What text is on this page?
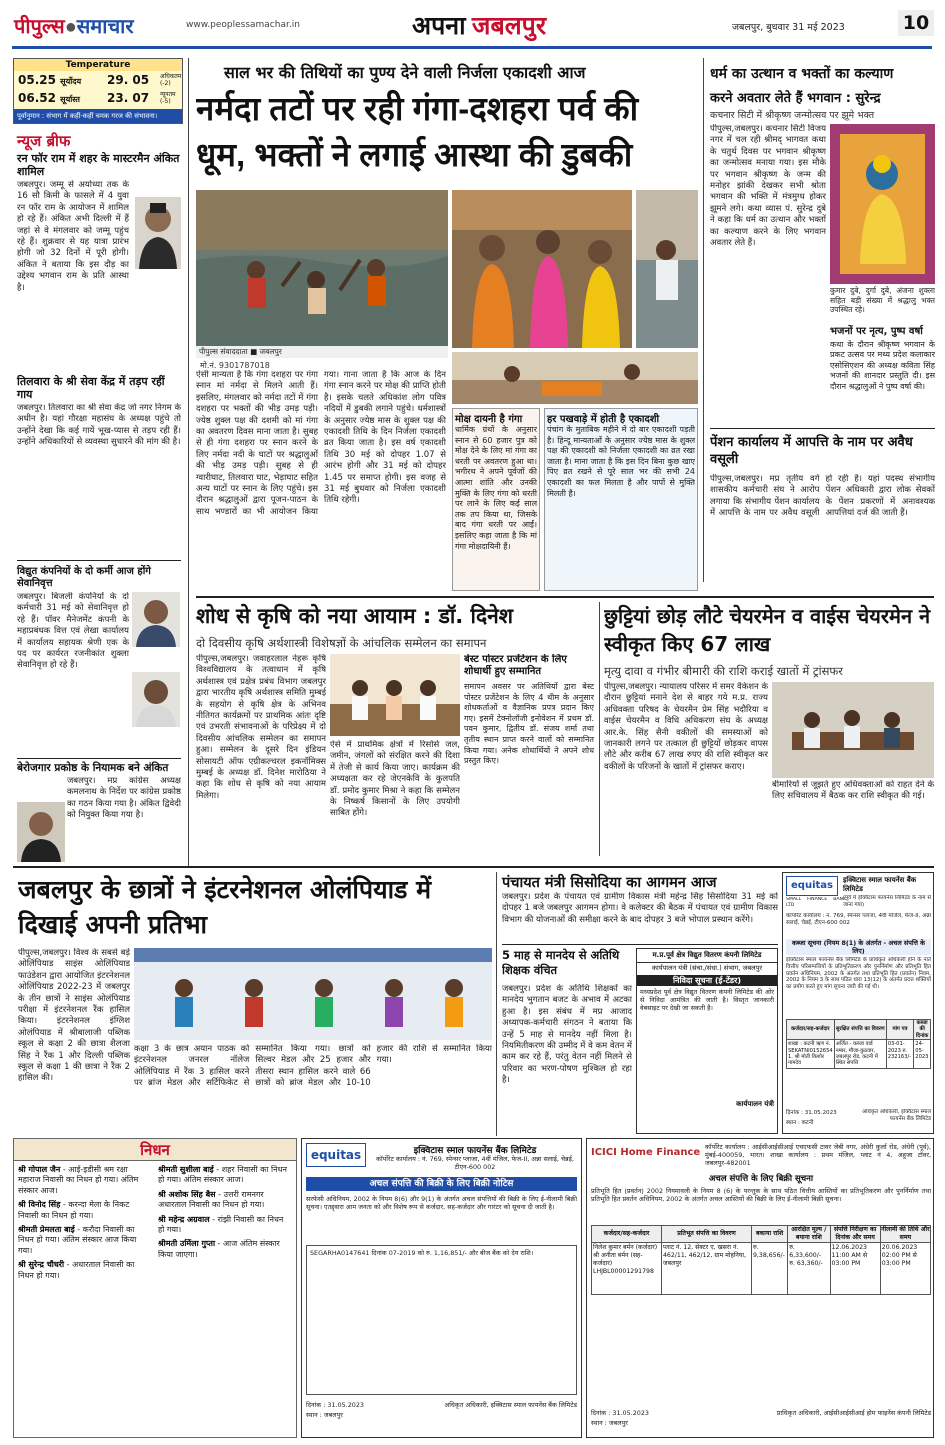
पीपुल्स●समाचार	www.peoplessamachar.in	अपना जबलपुर	जबलपुर, बुधवार 31 मई 2023	10
Temperature
05.25 सूर्योदय 29. 05 अधिकतम
(-2)
06.52 सूर्यास्त 23. 07 न्यूनतम
(-5)
पूर्वानुमान : संभाग में कहीं-कहीं चमक गरज की संभावना।
न्यूज ब्रीफ
रन फॉर राम में शहर के मास्टरमैन अंकित शामिल
जबलपुर। जम्मू से अयोध्या तक के 16 सौ किमी के फासले में 4 युवा रन फॉर राम के आयोजन में शामिल हो रहे हैं। अंकित अभी दिल्ली में हैं जहां से वे मंगलवार को जम्मू पहुंच रहे हैं। शुक्रवार से यह यात्रा प्रारंभ होगी जो 32 दिनों में पूरी होगी। अंकित ने बताया कि इस दौड़ का उद्देश्य भगवान राम के प्रति आस्था है।
तिलवारा के श्री सेवा केंद्र में तड़प रहीं गाय
जबलपुर। तिलवारा का श्री सेवा केंद्र जो नगर निगम के अधीन है। यहां गौरक्षा महासंघ के अध्यक्ष पहुंचे तो उन्होंने देखा कि कई गायें भूख-प्यास से तड़प रही हैं। उन्होंने अधिकारियों से व्यवस्था सुधारने की मांग की है।
विद्युत कंपनियों के दो कर्मी आज होंगे सेवानिवृत्त
जबलपुर। बिजली कंपनियों के दो कर्मचारी 31 मई को सेवानिवृत्त हो रहे हैं। पॉवर मैनेजमेंट कंपनी के महाप्रबंधक वित्त एवं लेखा कार्यालय में कार्यालय सहायक श्रेणी एक के पद पर कार्यरत रजनीकांत शुक्ला सेवानिवृत्त हो रहे हैं।
बेरोजगार प्रकोष्ठ के नियामक बने अंकित
जबलपुर। मप्र कांग्रेस अध्यक्ष कमलनाथ के निर्देश पर कांग्रेस प्रकोष्ठ का गठन किया गया है। अंकित द्विवेदी को नियुक्त किया गया है।
साल भर की तिथियों का पुण्य देने वाली निर्जला एकादशी आज
नर्मदा तटों पर रही गंगा-दशहरा पर्व की धूम, भक्तों ने लगाई आस्था की डुबकी
पीपुल्स संवाददाता ■ जबलपुर
मो.नं. 9301787018
ऐसी मान्यता है कि गंगा दशहरा पर गंगा स्नान मां नर्मदा से मिलने आती हैं। इसलिए, मंगलवार को नर्मदा तटों में गंगा दशहरा पर भक्तों की भीड़ उमड़ पड़ी। ज्येष्ठ शुक्ल पक्ष की दशमी को मां गंगा का अवतरण दिवस माना जाता है। सुबह से ही गंगा दशहरा पर स्नान करने के लिए नर्मदा नदी के घाटों पर श्रद्धालुओं की भीड़ उमड़ पड़ी। सुबह से ही ग्वारीघाट, तिलवारा घाट, भेड़ाघाट सहित अन्य घाटों पर स्नान के लिए पहुंचे। इस दौरान श्रद्धालुओं द्वारा पूजन-पाठन के साथ भण्डारों का भी आयोजन किया गया। गाना जाता है कि आज के दिन गंगा स्नान करने पर मोक्ष की प्राप्ति होती है। इसके चलते अधिकांश लोग पवित्र नदियों में डुबकी लगाने पहुंचे। धर्मशास्त्रों के अनुसार ज्येष्ठ मास के शुक्ल पक्ष की एकादशी तिथि के दिन निर्जला एकादशी व्रत किया जाता है। इस वर्ष एकादशी तिथि 30 मई को दोपहर 1.07 से आरंभ होगी और 31 मई को दोपहर 1.45 पर समाप्त होगी। इस वजह से 31 मई बुधवार को निर्जला एकादशी तिथि रहेगी।
मोक्ष दायनी है गंगा
धार्मिक ग्रंथों के अनुसार स्नान से 60 हजार पुत्र को मोक्ष देने के लिए मां गंगा का धरती पर अवतरण हुआ था। भगीरथ ने अपने पूर्वजों की आत्मा शांति और उनकी मुक्ति के लिए गंगा को धरती पर लाने के लिए कई साल तक तप किया था, जिसके बाद गंगा धरती पर आईं। इसलिए कहा जाता है कि मां गंगा मोक्षदायिनी हैं।
हर पखवाड़े में होती है एकादशी
पंचांग के मुताबिक महीने में दो बार एकादशी पड़ती है। हिन्दू मान्यताओं के अनुसार ज्येष्ठ मास के शुक्ल पक्ष की एकादशी को निर्जला एकादशी का व्रत रखा जाता है। माना जाता है कि इस दिन बिना कुछ खाए पिए व्रत रखने से पूरे साल भर की सभी 24 एकादशी का फल मिलता है और पापों से मुक्ति मिलती है।
धर्म का उत्थान व भक्तों का कल्याण
करने अवतार लेते हैं भगवान : सुरेन्द्र
कचनार सिटी में श्रीकृष्ण जन्मोत्सव पर झूमे भक्त
पीपुल्स,जबलपुर। कचनार सिटी विजय नगर में चल रही श्रीमद् भागवत कथा के चतुर्थ दिवस पर भगवान श्रीकृष्ण का जन्मोत्सव मनाया गया। इस मौके पर भगवान श्रीकृष्ण के जन्म की मनोहर झांकी देखकर सभी श्रोता भगवान की भक्ति में मंत्रमुग्ध होकर झूमने लगे। कथा व्यास पं. सुरेन्द्र दुबे ने कहा कि धर्म का उत्थान और भक्तों का कल्याण करने के लिए भगवान अवतार लेते हैं।
कुमार दुबे, दुर्गा दुबे, अंजना शुक्ला सहित बड़ी संख्या में श्रद्धालु भक्त उपस्थित रहे।
भजनों पर नृत्य, पुष्प वर्षा
कथा के दौरान श्रीकृष्ण भगवान के प्रकट उत्सव पर मथ्य प्रदेश कलाकार एसोसिएशन की अध्यक्ष कविता सिंह भजनों की शानदार प्रस्तुति दी। इस दौरान श्रद्धालुओं ने पुष्प वर्षा की।
पेंशन कार्यालय में आपत्ति के नाम पर अवैध वसूली
पीपुल्स,जबलपुर। मप्र तृतीय वर्ग शासकीय कर्मचारी संघ ने आरोप लगाया कि संभागीय पेंशन कार्यालय में आपत्ति के नाम पर अवैध वसूली हो रही है। यहां पदस्थ संभागीय पेंशन अधिकारी द्वारा लोक सेवकों के पेंशन प्रकरणों में अनावश्यक आपत्तियां दर्ज की जाती हैं।
शोध से कृषि को नया आयाम : डॉ. दिनेश
दो दिवसीय कृषि अर्थशास्त्री विशेषज्ञों के आंचलिक सम्मेलन का समापन
पीपुल्स,जबलपुर। जवाहरलाल नेहरू कृषि विश्वविद्यालय के तत्वाधान में कृषि अर्थशास्त्र एवं प्रक्षेत्र प्रबंध विभाग जबलपुर द्वारा भारतीय कृषि अर्थशास्त्र समिति मुम्बई के सहयोग से कृषि क्षेत्र के अभिनव नीतिगत कार्यक्रमों पर प्राथमिक आंतः दृष्टि एवं उभरती संभावनाओं के परिप्रेक्ष्य में दो दिवसीय आंचलिक सम्मेलन का समापन हुआ। सम्मेलन के दूसरे दिन इंडियन सोसायटी ऑफ एग्रीकल्चरल इकनॉमिक्स मुम्बई के अध्यक्ष डॉ. दिनेश मारोठिया ने कहा कि शोध से कृषि को नया आयाम मिलेगा।
ऐसे में प्राथमिक क्षेत्रों में रिसोर्स जल, जमीन, जंगलों को संरक्षित करने की दिशा में तेजी से कार्य किया जाए। कार्यक्रम की अध्यक्षता कर रहे जेएनकेवि के कुलपति डॉ. प्रमोद कुमार मिश्रा ने कहा कि सम्मेलन के निष्कर्ष किसानों के लिए उपयोगी साबित होंगे।
बेस्ट पोस्टर प्रजेंटेशन के लिए शोधार्थी हुए सम्मानित
समापन अवसर पर अतिथियों द्वारा बेस्ट पोस्टर प्रजेंटेशन के लिए 4 थीम के अनुसार शोधकर्ताओं व वैज्ञानिक प्रपत्र प्रदान किए गए। इसमें टेक्नोलॉजी इनोवेशन में प्रथम डॉ. पवन कुमार, द्वितीय डॉ. संजय शर्मा तथा तृतीय स्थान प्राप्त करने वालों को सम्मानित किया गया। अनेक शोधार्थियों ने अपने शोध प्रस्तुत किए।
छुट्टियां छोड़ लौटे चेयरमेन व वाईस चेयरमेन ने स्वीकृत किए 67 लाख
मृत्यु दावा व गंभीर बीमारी की राशि कराई खातों में ट्रांसफर
पीपुल्स,जबलपुर। न्यायालय परिसर में समर वैकेशन के दौरान छुट्टियां मनाने देश से बाहर गये म.प्र. राज्य अधिवक्ता परिषद के चेयरमैन प्रेम सिंह भदौरिया व वाईस चेयरमैन व विधि अधिकरण संघ के अध्यक्ष आर.के. सिंह सैनी वकीलों की समस्याओं को जानकारी लगने पर तत्काल ही छुट्टियों छोड़कर वापस लौटे और करीब 67 लाख रुपए की राशि स्वीकृत कर वकीलों के परिजनों के खातों में ट्रांसफर कराए।
बीमारियों से जूझते हुए अधिवक्ताओं को राहत देने के लिए सचिवालय में बैठक कर राशि स्वीकृत की गई।
जबलपुर के छात्रों ने इंटरनेशनल ओलंपियाड में दिखाई अपनी प्रतिभा
पीपुल्स,जबलपुर। विश्व के सबसे बड़े ओलिंपियाड साइंस ओलिंपियाड फाउंडेशन द्वारा आयोजित इंटरनेशनल ओलिंपियाड 2022-23 में जबलपुर के तीन छात्रों ने साइंस ओलंपियाड परीक्षा में इंटरनेशनल रैंक हासिल किया। इंटरनेशनल इंग्लिश ओलंपियाड में श्रीबालाजी पब्लिक स्कूल से कक्षा 2 की छात्रा शैलजा सिंह ने रैंक 1 और दिल्ली पब्लिक स्कूल से कक्षा 1 की छात्रा ने रैंक 2 हासिल की।
कक्षा 3 के छात्र अयान पाठक को इंटरनेशनल जनरल नॉलेज ओलिंपियाड में रैंक 3 हासिल करने पर ब्रांज मेडल और सर्टिफिकेट से सम्मानित किया गया। छात्रों को सिल्वर मेडल और 25 हजार और तीसरा स्थान हासिल करने वाले 66 छात्रों को ब्रांज मेडल और 10-10 हजार की राशि से सम्मानित किया गया।
पंचायत मंत्री सिसोदिया का आगमन आज
जबलपुर। प्रदेश के पंचायत एवं ग्रामीण विकास मंत्री महेन्द्र सिंह सिसोदिया 31 मई को दोपहर 1 बजे जबलपुर आगमन होगा। वे कलेक्टर की बैठक में पंचायत एवं ग्रामीण विकास विभाग की योजनाओं की समीक्षा करने के बाद दोपहर 3 बजे भोपाल प्रस्थान करेंगे।
5 माह से मानदेय से अतिथि शिक्षक वंचित
जबलपुर। प्रदेश के अतिथि शिक्षकों का मानदेय भुगतान बजट के अभाव में अटका हुआ है। इस संबंध में मप्र आजाद अध्यापक-कर्मचारी संगठन ने बताया कि उन्हें 5 माह से मानदेय नहीं मिला है। नियमितीकरण की उम्मीद में वे कम वेतन में काम कर रहे हैं, परंतु वेतन नहीं मिलने से परिवार का भरण-पोषण मुश्किल हो रहा है।
म.प्र.पूर्व क्षेत्र विद्युत वितरण कंपनी लिमिटेड
कार्यपालन यंत्री (संचा./संधा.) संभाग, जबलपुर
निविदा सूचना (ई-टेंडर)
मध्यप्रदेश पूर्व क्षेत्र विद्युत वितरण कंपनी लिमिटेड की ओर से निविदा आमंत्रित की जाती है। विस्तृत जानकारी वेबसाइट पर देखी जा सकती है।
कार्यपालन यंत्री
निधन
श्री गोपाल जैन - आई-इडीसी श्रम रक्षा महाराज निवासी का निधन हो गया। अंतिम संस्कार आज।
श्री विनोद सिंह - करन्दा मेला के निकट निवासी का निधन हो गया।
श्रीमती प्रेमलता बाई - करौदा निवासी का निधन हो गया। अंतिम संस्कार आज किया गया।
श्री सुरेन्द्र चौधरी - अधारताल निवासी का निधन हो गया।
श्रीमती सुशीला बाई - शहर निवासी का निधन हो गया। अंतिम संस्कार आज।
श्री अशोक सिंह बैस - उत्तरी रामनगर अधारताल निवासी का निधन हो गया।
श्री महेन्द्र अग्रवाल - रांझी निवासी का निधन हो गया।
श्रीमती उर्मिला गुप्ता - आज अंतिम संस्कार किया जाएगा।
equitas	इक्विटास स्माल फायनेंस बैंक लिमिटेड
कॉर्पोरेट कार्यालय : नं. 769, स्पेन्सर प्लाजा, 4वीं मंजिल, फेज-II, अन्ना सलाई, चेन्नई, टीएन-600 002
अचल संपत्ति की बिक्री के लिए बिक्री नोटिस
सरफेसी अधिनियम, 2002 के नियम 8(6) और 9(1) के अंतर्गत अचल संपत्तियों की बिक्री के लिए ई-नीलामी बिक्री सूचना। एतद्द्वारा आम जनता को और विशेष रूप से कर्जदार, सह-कर्जदार और गारंटर को सूचना दी जाती है।
SEGARHA0147641 दिनांक 07-2019 को रु. 1,16,851/- और बीज बैंक को देय राशि।
दिनांक : 31.05.2023
स्थान : जबलपुर
अधिकृत अधिकारी, इक्विटास स्माल फायनेंस बैंक लिमिटेड
ICICI Home Finance कॉर्पोरेट कार्यालय : आईसीआईसीआई एचएफसी टावर जेबी नगर, अंधेरी कुर्ला रोड, अंधेरी (पूर्व), मुंबई-400059, भारत। शाखा कार्यालय : प्रथम मंजिल, प्लाट नं 4, अहुजा टॉवर, जबलपुर-482001
अचल संपत्ति के लिए बिक्री सूचना
प्रतिभूति हित (प्रवर्तन) 2002 नियमावली के नियम 8 (6) के परन्तुक के साथ पठित वित्तीय आस्तियों का प्रतिभूतिकरण और पुनर्निर्माण तथा प्रतिभूति हित प्रवर्तन अधिनियम, 2002 के अंतर्गत अचल आस्तियों की बिक्री के लिए ई-नीलामी बिक्री सूचना।
कर्जदार/सह-कर्जदार	प्रतिभूत संपत्ति का विवरण	बकाया राशि	आरक्षित मूल्य / बयाना राशि	संपत्ति निरीक्षण का दिनांक और समय	नीलामी की तिथि और समय
निलेश कुमार बर्मन (कर्जदार) श्री अनीता बर्मन (सह-कर्जदार) LHJBL00001291798	प्लाट नं. 12, सेक्टर ए, खसरा नं. 462/11, 462/12, ग्राम मोहनिया, जबलपुर	रु. 9,38,656/-	रु. 6,33,600/- रु. 63,360/-	12.06.2023 11:00 AM से 03:00 PM	20.06.2023 02:00 PM से 03:00 PM
दिनांक : 31.05.2023
स्थान : जबलपुर
प्राधिकृत अधिकारी, आईसीआईसीआई होम फाइनेंस कंपनी लिमिटेड
equitas
SMALL FINANCE BANK LTD
इक्विटास स्माल फायनेंस बैंक लिमिटेड
(पूर्व में इक्विटास फायनेंस लिमिटेड के नाम से जाना गया)
कॉर्पोरेट कार्यालय : नं. 769, स्पेन्सर प्लाजा, 4वीं मंजिल, फेज-II, अन्ना सलाई, चेन्नई, टीएन-600 002
कब्जा सूचना (नियम 8(1) के अंतर्गत - अचल संपत्ति के लिए)
इक्विटास स्माल फायनेंस बैंक लिमिटेड के प्राधिकृत अधिकारी होने के नाते वित्तीय परिसम्पत्तियों के प्रतिभूतिकरण और पुनर्निर्माण और प्रतिभूति हित प्रवर्तन अधिनियम, 2002 के अंतर्गत तथा प्रतिभूति हित (प्रवर्तन) नियम, 2002 के नियम 3 के साथ पठित धारा 13(12) के अंतर्गत प्रदत्त शक्तियों का प्रयोग करते हुए मांग सूचना जारी की गई थी।
कर्जदार/सह-कर्जदार	सुरक्षित संपत्ति का विवरण	मांग पत्र	कब्जा की दिनांक
शाखा : कटनी ऋण नं. SEKATNI0152654 1. श्री मोती किशोर नामदेव	अर्जित - कब्जा वार्ड नम्बर, मौजा-कुठवार, जबलपुर रोड, कटनी में स्थित संपत्ति	03-01-2023 रु. 232163/-	24-05-2023
दिनांक : 31.05.2023
स्थान : कटनी
अधिकृत अधिकारी, इक्विटास स्माल फायनेंस बैंक लिमिटेड
